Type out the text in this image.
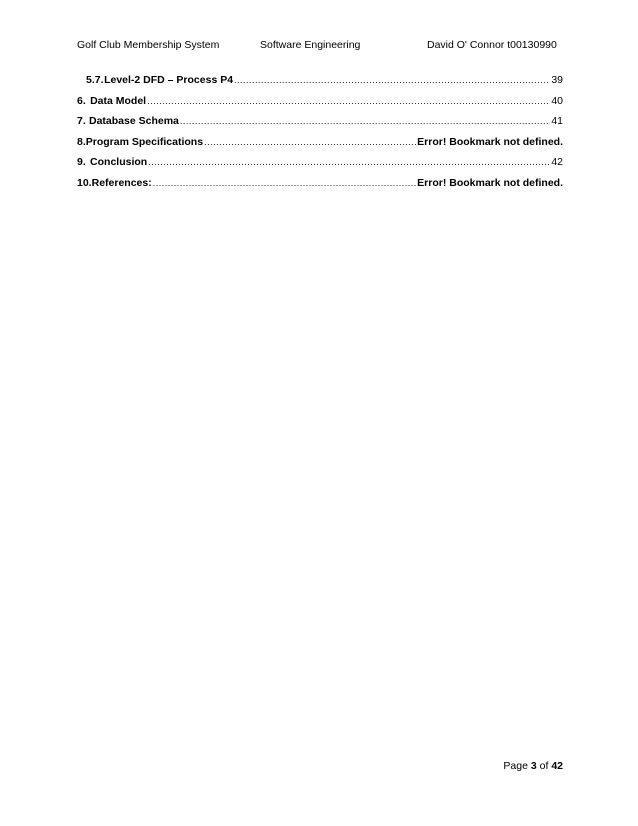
Golf Club Membership System	Software Engineering	David O' Connor t00130990
5.7. Level-2 DFD – Process P4 .....	39
6. Data Model .....	40
7. Database Schema .....	41
8. Program Specifications .....	Error! Bookmark not defined.
9. Conclusion .....	42
10. References: .....	Error! Bookmark not defined.
Page 3 of 42
